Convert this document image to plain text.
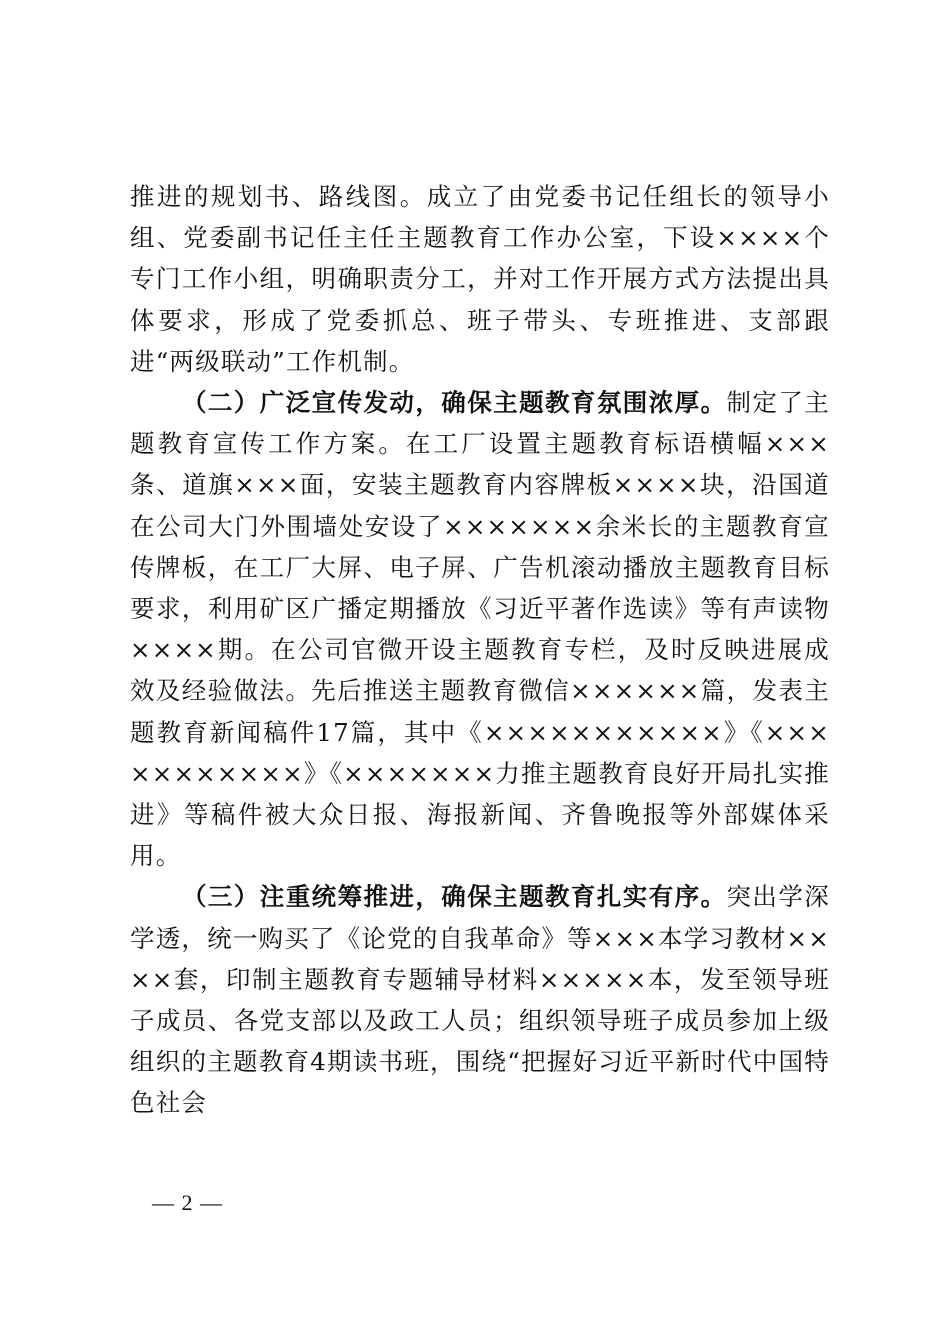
推进的规划书、路线图。成立了由党委书记任组长的领导小组、党委副书记任主任主题教育工作办公室，下设××××个专门工作小组，明确职责分工，并对工作开展方式方法提出具体要求，形成了党委抓总、班子带头、专班推进、支部跟进“两级联动”工作机制。

（二）广泛宣传发动，确保主题教育氛围浓厚。制定了主题教育宣传工作方案。在工厂设置主题教育标语横幅×××条、道旗×××面，安装主题教育内容牌板××××块，沿国道在公司大门外围墙处安设了×××××××余米长的主题教育宣传牌板，在工厂大屏、电子屏、广告机滚动播放主题教育目标要求，利用矿区广播定期播放《习近平著作选读》等有声读物××××期。在公司官微开设主题教育专栏，及时反映进展成效及经验做法。先后推送主题教育微信××××××篇，发表主题教育新闻稿件17篇，其中《×××××××××××》《×××××××××××》《×××××××力推主题教育良好开局扎实推进》等稿件被大众日报、海报新闻、齐鲁晚报等外部媒体采用。

（三）注重统筹推进，确保主题教育扎实有序。突出学深学透，统一购买了《论党的自我革命》等×××本学习教材××××套，印制主题教育专题辅导材料×××××本，发至领导班子成员、各党支部以及政工人员；组织领导班子成员参加上级组织的主题教育4期读书班，围绕“把握好习近平新时代中国特色社会

— 2 —
